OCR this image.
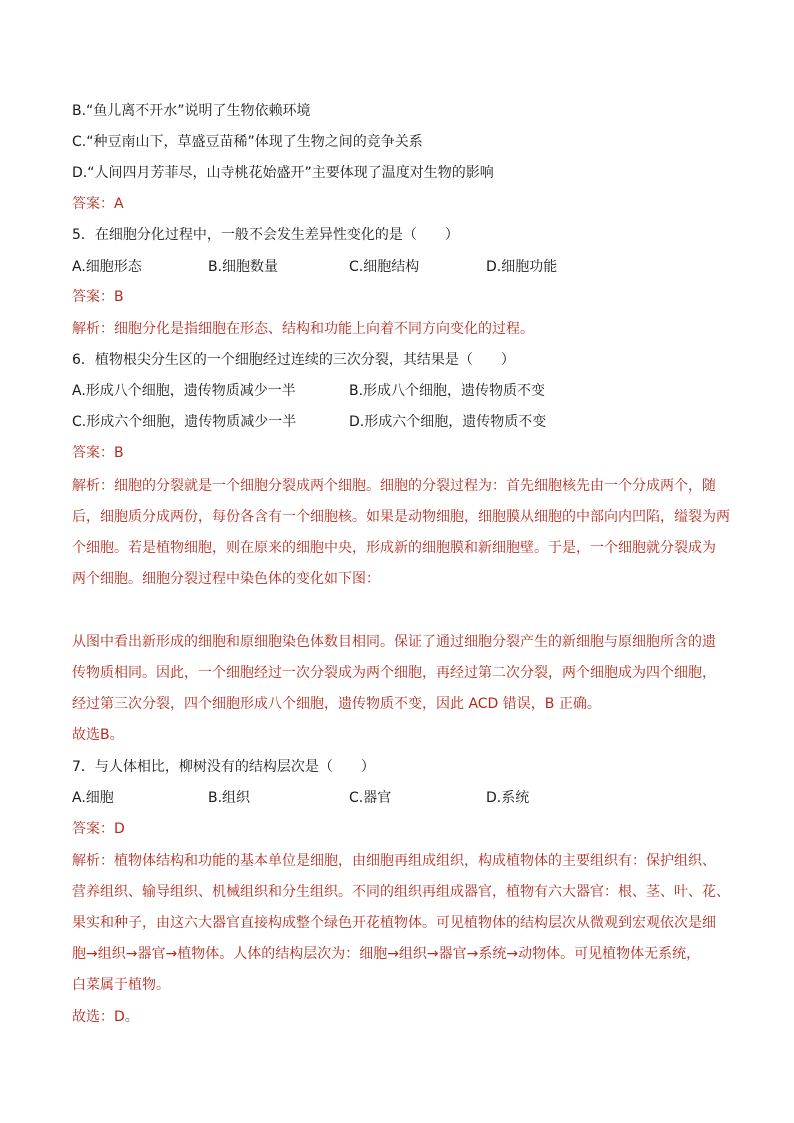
B.“鱼儿离不开水”说明了生物依赖环境
C.“种豆南山下，草盛豆苗稀”体现了生物之间的竞争关系
D.“人间四月芳菲尽，山寺桃花始盛开”主要体现了温度对生物的影响
答案：A
5．在细胞分化过程中，一般不会发生差异性变化的是（　　）
A.细胞形态	B.细胞数量	C.细胞结构	D.细胞功能
答案：B
解析：细胞分化是指细胞在形态、结构和功能上向着不同方向变化的过程。
6．植物根尖分生区的一个细胞经过连续的三次分裂，其结果是（　　）
A.形成八个细胞，遗传物质减少一半	B.形成八个细胞，遗传物质不变
C.形成六个细胞，遗传物质减少一半	D.形成六个细胞，遗传物质不变
答案：B
解析：细胞的分裂就是一个细胞分裂成两个细胞。细胞的分裂过程为：首先细胞核先由一个分成两个，随
后，细胞质分成两份，每份各含有一个细胞核。如果是动物细胞，细胞膜从细胞的中部向内凹陷，缢裂为两
个细胞。若是植物细胞，则在原来的细胞中央，形成新的细胞膜和新细胞壁。于是，一个细胞就分裂成为
两个细胞。细胞分裂过程中染色体的变化如下图：
从图中看出新形成的细胞和原细胞染色体数目相同。保证了通过细胞分裂产生的新细胞与原细胞所含的遗
传物质相同。因此，一个细胞经过一次分裂成为两个细胞，再经过第二次分裂，两个细胞成为四个细胞，
经过第三次分裂，四个细胞形成八个细胞，遗传物质不变，因此 ACD 错误，B 正确。
故选B。
7．与人体相比，柳树没有的结构层次是（　　）
A.细胞	B.组织	C.器官	D.系统
答案：D
解析：植物体结构和功能的基本单位是细胞，由细胞再组成组织，构成植物体的主要组织有：保护组织、
营养组织、输导组织、机械组织和分生组织。不同的组织再组成器官，植物有六大器官：根、茎、叶、花、
果实和种子，由这六大器官直接构成整个绿色开花植物体。可见植物体的结构层次从微观到宏观依次是细
胞→组织→器官→植物体。人体的结构层次为：细胞→组织→器官→系统→动物体。可见植物体无系统，
白菜属于植物。
故选：D。
